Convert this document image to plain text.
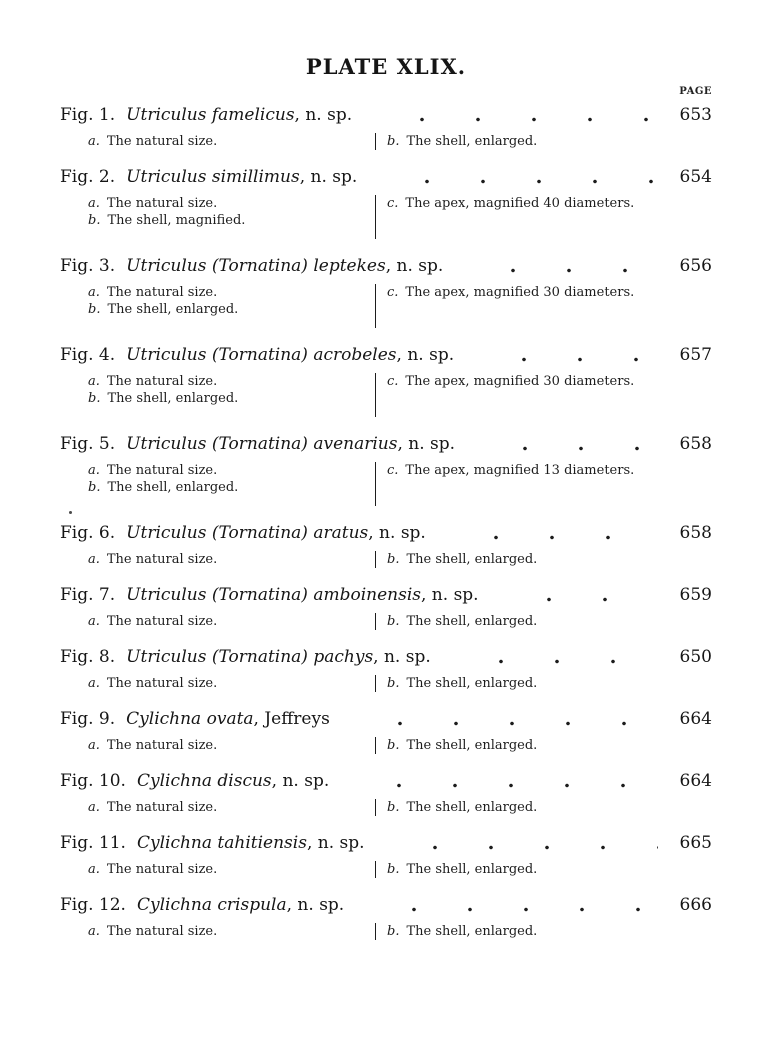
PLATE XLIX.
PAGE
Fig. 1. Utriculus famelicus , n. sp.	653
a. The natural size.	b. The shell, enlarged.
Fig. 2. Utriculus simillimus , n. sp.	654
a. The natural size.
b. The shell, magnified.
c. The apex, magnified 40 diameters.
Fig. 3. Utriculus (Tornatina) leptekes , n. sp.	656
a. The natural size.
b. The shell, enlarged.
c. The apex, magnified 30 diameters.
Fig. 4. Utriculus (Tornatina) acrobeles , n. sp.	657
a. The natural size.
b. The shell, enlarged.
c. The apex, magnified 30 diameters.
Fig. 5. Utriculus (Tornatina) avenarius , n. sp.	658
a. The natural size.
b. The shell, enlarged.
c. The apex, magnified 13 diameters.
Fig. 6. Utriculus (Tornatina) aratus , n. sp.	658
a. The natural size.	b. The shell, enlarged.
Fig. 7. Utriculus (Tornatina) amboinensis , n. sp.	659
a. The natural size.	b. The shell, enlarged.
Fig. 8. Utriculus (Tornatina) pachys , n. sp.	650
a. The natural size.	b. The shell, enlarged.
Fig. 9. Cylichna ovata , Jeffreys	664
a. The natural size.	b. The shell, enlarged.
Fig. 10. Cylichna discus , n. sp.	664
a. The natural size.	b. The shell, enlarged.
Fig. 11. Cylichna tahitiensis , n. sp.	665
a. The natural size.	b. The shell, enlarged.
Fig. 12. Cylichna crispula , n. sp.	666
a. The natural size.	b. The shell, enlarged.
